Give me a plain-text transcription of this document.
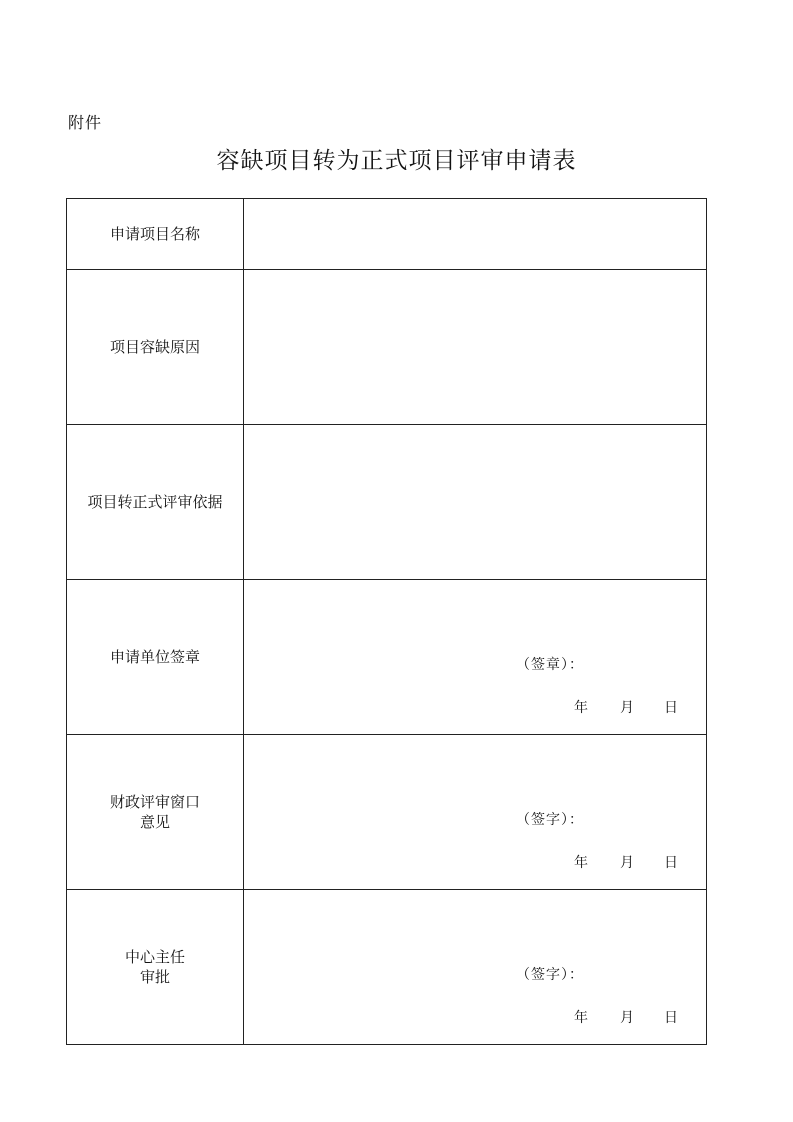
附件
容缺项目转为正式项目评审申请表
申请项目名称	
项目容缺原因	
项目转正式评审依据	
申请单位签章	（签章）：
年 月 日

财政评审窗口
意见	（签字）：
年 月 日

中心主任
审批	（签字）：
年 月 日
